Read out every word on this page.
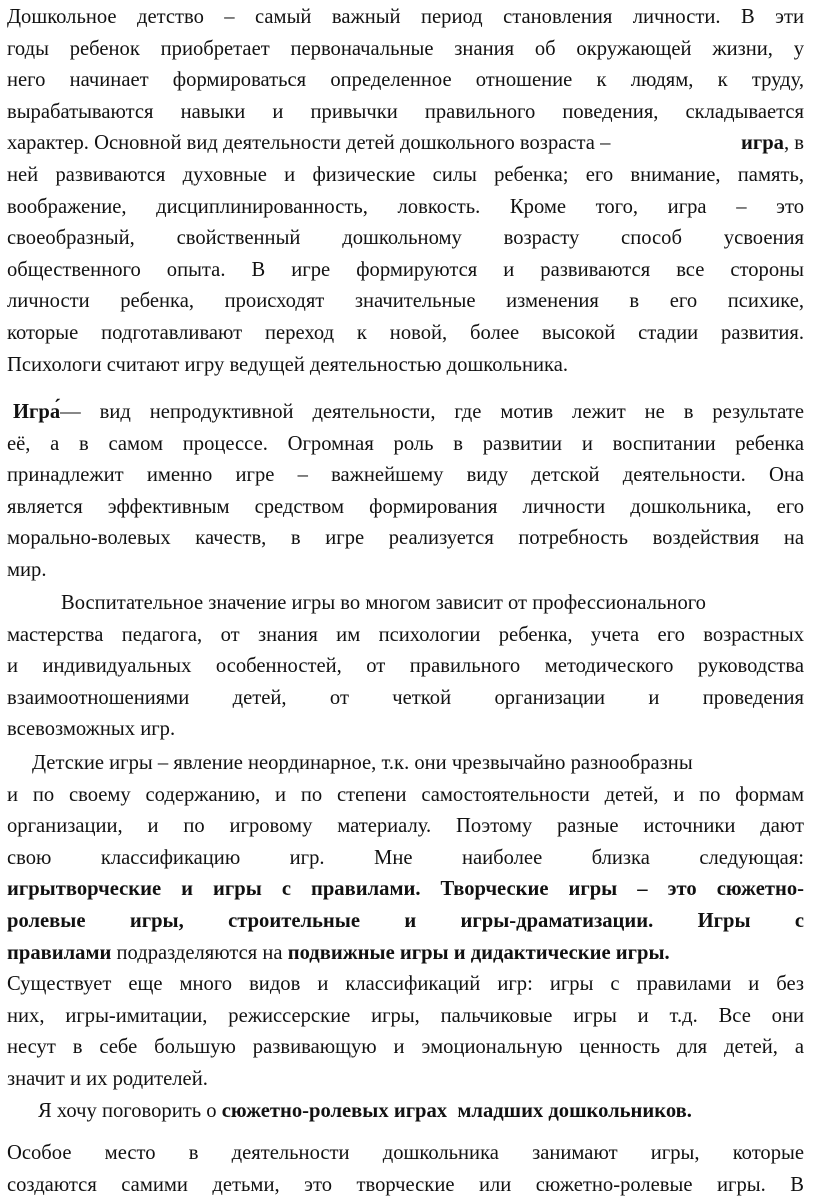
Дошкольное детство – самый важный период становления личности. В эти
годы ребенок приобретает первоначальные знания об окружающей жизни, у
него начинает формироваться определенное отношение к людям, к труду,
вырабатываются навыки и привычки правильного поведения, складывается
характер. Основной вид деятельности детей дошкольного возраста –	игра, в
ней развиваются духовные и физические силы ребенка; его внимание, память,
воображение, дисциплинированность, ловкость. Кроме того, игра – это
своеобразный, свойственный дошкольному возрасту способ усвоения
общественного опыта. В игре формируются и развиваются все стороны
личности ребенка, происходят значительные изменения в его психике,
которые подготавливают переход к новой, более высокой стадии развития.
Психологи считают игру ведущей деятельностью дошкольника.
Игра́ — вид непродуктивной деятельности, где мотив лежит не в результате
её, а в самом процессе. Огромная роль в развитии и воспитании ребенка
принадлежит именно игре – важнейшему виду детской деятельности. Она
является эффективным средством формирования личности дошкольника, его
морально-волевых качеств, в игре реализуется потребность воздействия на
мир.
Воспитательное значение игры во многом зависит от профессионального
мастерства педагога, от знания им психологии ребенка, учета его возрастных
и индивидуальных особенностей, от правильного методического руководства
взаимоотношениями детей, от четкой организации и проведения
всевозможных игр.
Детские игры – явление неординарное, т.к. они чрезвычайно разнообразны
и по своему содержанию, и по степени самостоятельности детей, и по формам
организации, и по игровому материалу. Поэтому разные источники дают
свою классификацию игр. Мне наиболее близка следующая:
игрытворческие и игры с правилами. Творческие игры – это сюжетно-
ролевые игры, строительные и игры-драматизации. Игры с
правилами подразделяются на подвижные игры и дидактические игры.
Существует еще много видов и классификаций игр: игры с правилами и без
них, игры-имитации, режиссерские игры, пальчиковые игры и т.д. Все они
несут в себе большую развивающую и эмоциональную ценность для детей, а
значит и их родителей.
Я хочу поговорить о сюжетно-ролевых играх  младших дошкольников.
Особое место в деятельности дошкольника занимают игры, которые
создаются самими детьми, это творческие или сюжетно-ролевые игры. В
